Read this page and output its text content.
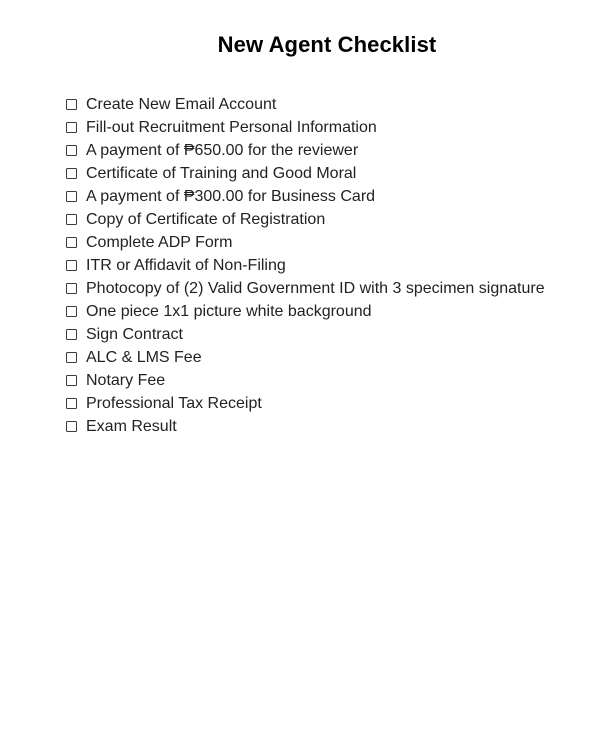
New Agent Checklist
Create New Email Account
Fill-out Recruitment Personal Information
A payment of ₱650.00 for the reviewer
Certificate of Training and Good Moral
A payment of ₱300.00 for Business Card
Copy of Certificate of Registration
Complete ADP Form
ITR or Affidavit of Non-Filing
Photocopy of (2) Valid Government ID with 3 specimen signature
One piece 1x1 picture white background
Sign Contract
ALC & LMS Fee
Notary Fee
Professional Tax Receipt
Exam Result
